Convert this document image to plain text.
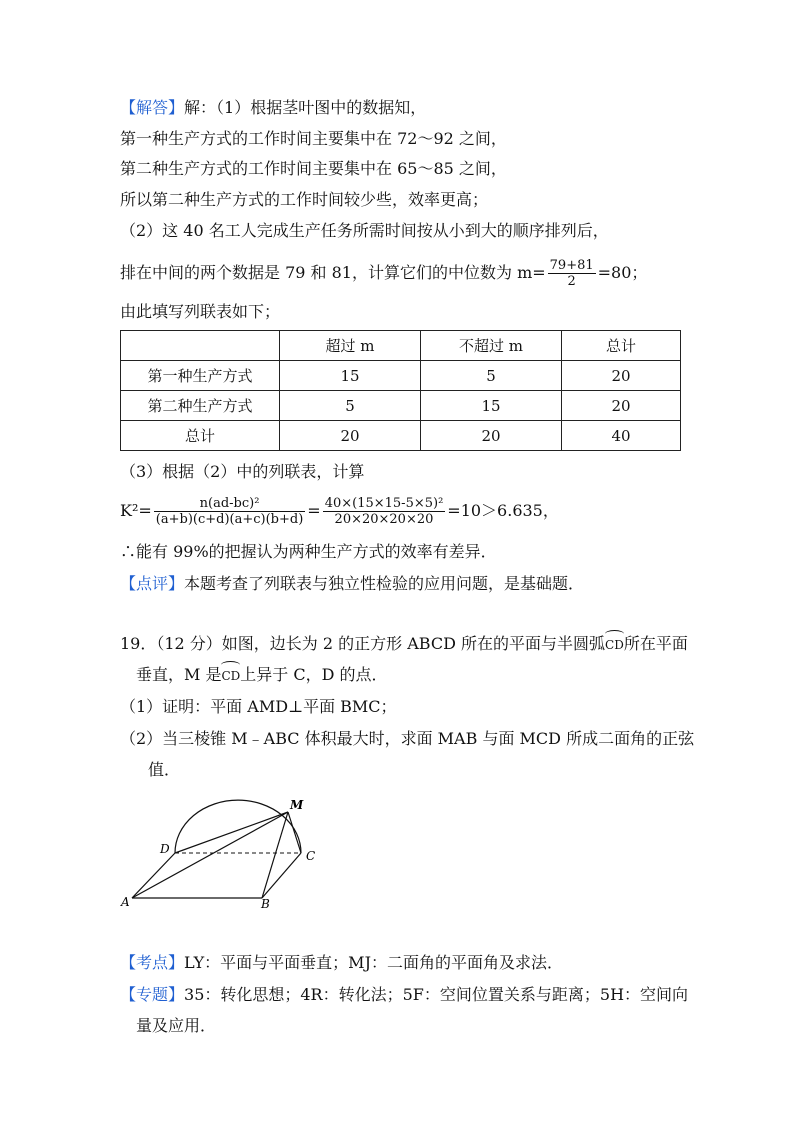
【解答】解：（1）根据茎叶图中的数据知，
第一种生产方式的工作时间主要集中在 72～92 之间，
第二种生产方式的工作时间主要集中在 65～85 之间，
所以第二种生产方式的工作时间较少些，效率更高；
（2）这 40 名工人完成生产任务所需时间按从小到大的顺序排列后，
排在中间的两个数据是 79 和 81，计算它们的中位数为 $m= \frac{79+81}{2} =80$；
由此填写列联表如下；
	超过 m	不超过 m	总计
第一种生产方式	15	5	20
第二种生产方式	5	15	20
总计	20	20	40
（3）根据（2）中的列联表，计算
$K^2= \frac{\text{n(ad-bc)²}}{(a+b)(c+d)(a+c)(b+d)} = \frac{\text{40×(15×15-5×5)²}}{20\times 20\times 20\times 20} =10>6.635$，
∴能有 99%的把握认为两种生产方式的效率有差异．
【点评】本题考查了列联表与独立性检验的应用问题，是基础题．
19．（12 分）如图，边长为 2 的正方形 ABCD 所在的平面与半圆弧CD所在平面
垂直，M 是CD上异于 C，D 的点．
（1）证明：平面 AMD⊥平面 BMC；
（2）当三棱锥 M﹣ABC 体积最大时，求面 MAB 与面 MCD 所成二面角的正弦
值．
A	B
C
D
M
【考点】LY：平面与平面垂直；MJ：二面角的平面角及求法．
【专题】35：转化思想；4R：转化法；5F：空间位置关系与距离；5H：空间向
量及应用．
